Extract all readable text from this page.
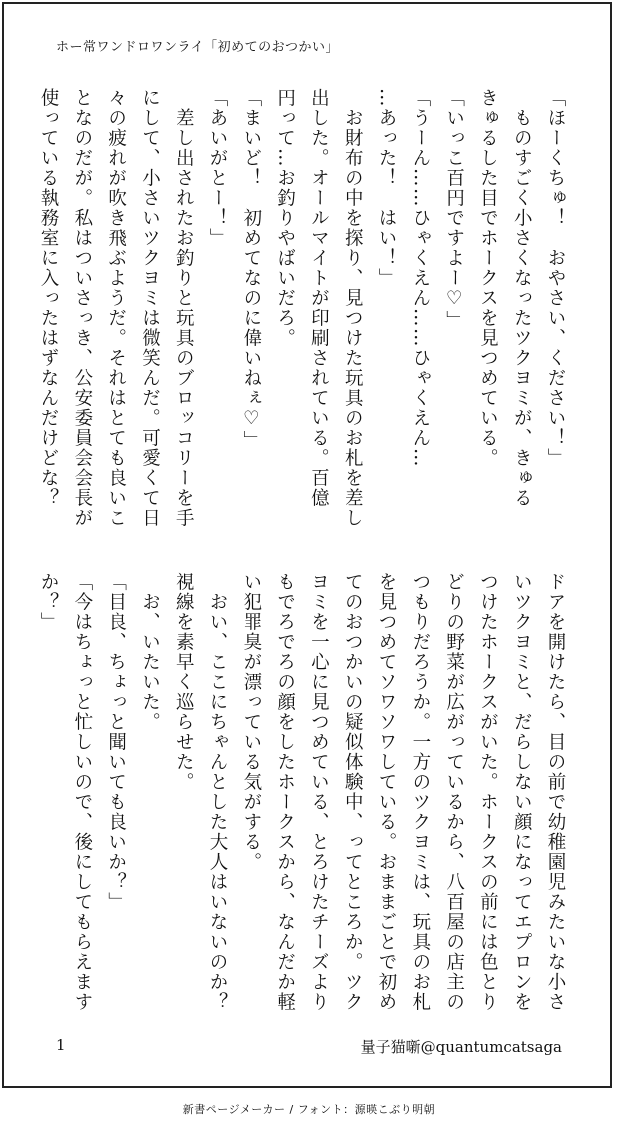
ホー常ワンドロワンライ「初めてのおつかい」

「ほーくちゅ！　おやさい、ください！」

　ものすごく小さくなったツクヨミが、きゅる

きゅるした目でホークスを見つめている。

「いっこ百円ですよー♡」

「うーん……ひゃくえん……ひゃくえん…

…あった！　はい！」

　お財布の中を探り、見つけた玩具のお札を差し

出した。オールマイトが印刷されている。百億

円って…お釣りやばいだろ。

「まいど！　初めてなのに偉いねぇ♡」

「あいがとー！」

　差し出されたお釣りと玩具のブロッコリーを手

にして、小さいツクヨミは微笑んだ。可愛くて日

々の疲れが吹き飛ぶようだ。それはとても良いこ

となのだが。私はついさっき、公安委員会会長が

使っている執務室に入ったはずなんだけどな？

ドアを開けたら、目の前で幼稚園児みたいな小さ

いツクヨミと、だらしない顔になってエプロンを

つけたホークスがいた。ホークスの前には色とり

どりの野菜が広がっているから、八百屋の店主の

つもりだろうか。一方のツクヨミは、玩具のお札

を見つめてソワソワしている。おままごとで初め

てのおつかいの疑似体験中、ってところか。ツク

ヨミを一心に見つめている、とろけたチーズより

もでろでろの顔をしたホークスから、なんだか軽

い犯罪臭が漂っている気がする。

　おい、ここにちゃんとした大人はいないのか？

視線を素早く巡らせた。

　お、いたいた。

「目良、ちょっと聞いても良いか？」

「今はちょっと忙しいので、後にしてもらえます

か？」

1	量子猫噺@quantumcatsaga
新書ページメーカー / フォント：源暎こぶり明朝
